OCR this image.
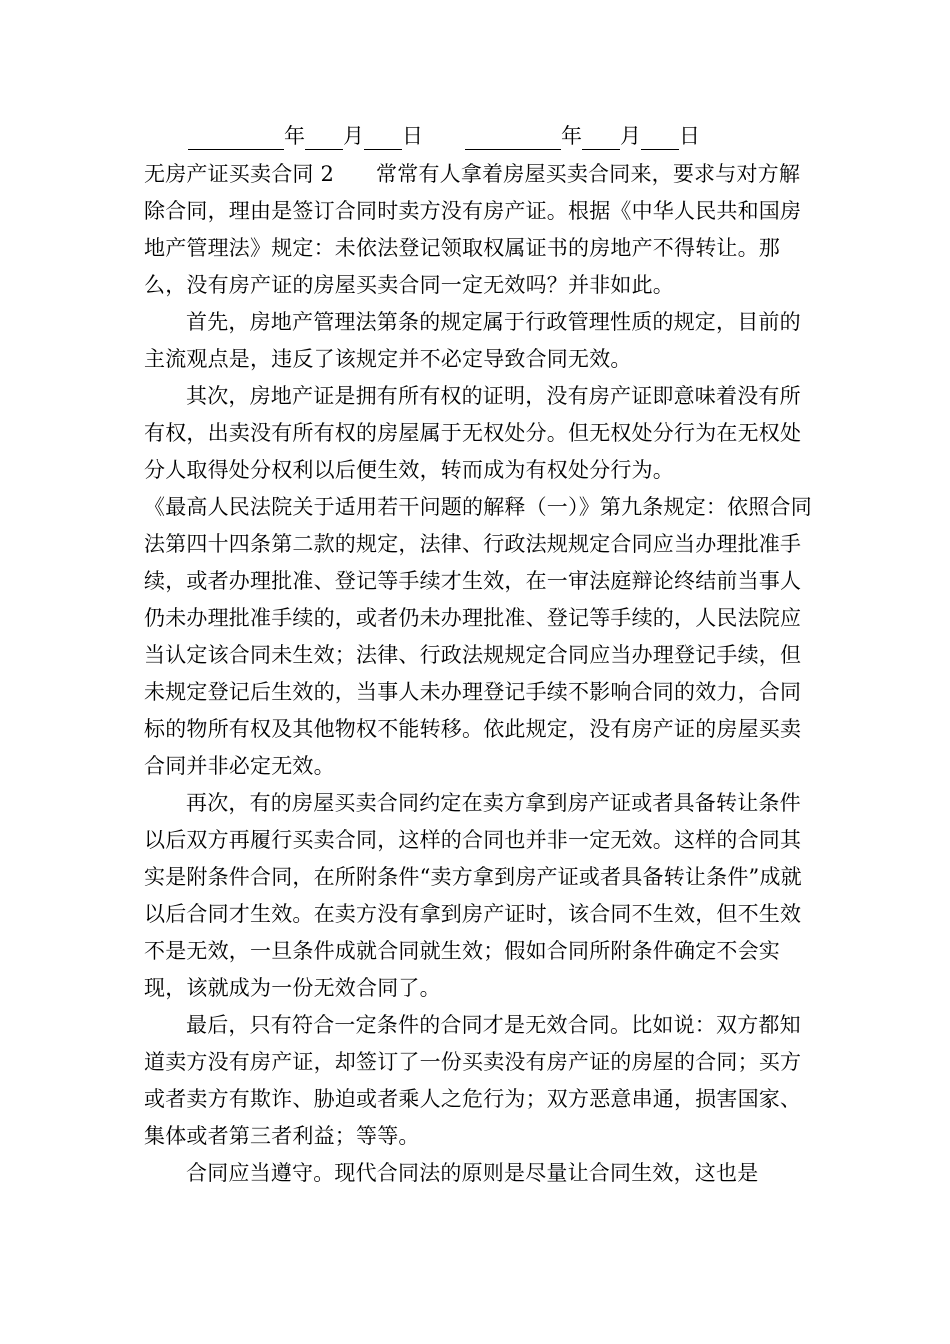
年 月 日	年 月 日

无房产证买卖合同 2 常常有人拿着房屋买卖合同来，要求与对方解除合同，理由是签订合同时卖方没有房产证。根据《中华人民共和国房地产管理法》规定：未依法登记领取权属证书的房地产不得转让。那么，没有房产证的房屋买卖合同一定无效吗？并非如此。

首先，房地产管理法第条的规定属于行政管理性质的规定，目前的主流观点是，违反了该规定并不必定导致合同无效。

其次，房地产证是拥有所有权的证明，没有房产证即意味着没有所有权，出卖没有所有权的房屋属于无权处分。但无权处分行为在无权处分人取得处分权利以后便生效，转而成为有权处分行为。

《最高人民法院关于适用若干问题的解释（一）》第九条规定：依照合同法第四十四条第二款的规定，法律、行政法规规定合同应当办理批准手续，或者办理批准、登记等手续才生效，在一审法庭辩论终结前当事人仍未办理批准手续的，或者仍未办理批准、登记等手续的，人民法院应当认定该合同未生效；法律、行政法规规定合同应当办理登记手续，但未规定登记后生效的，当事人未办理登记手续不影响合同的效力，合同标的物所有权及其他物权不能转移。依此规定，没有房产证的房屋买卖合同并非必定无效。

再次，有的房屋买卖合同约定在卖方拿到房产证或者具备转让条件以后双方再履行买卖合同，这样的合同也并非一定无效。这样的合同其实是附条件合同，在所附条件“卖方拿到房产证或者具备转让条件”成就以后合同才生效。在卖方没有拿到房产证时，该合同不生效，但不生效不是无效，一旦条件成就合同就生效；假如合同所附条件确定不会实现，该就成为一份无效合同了。

最后，只有符合一定条件的合同才是无效合同。比如说：双方都知道卖方没有房产证，却签订了一份买卖没有房产证的房屋的合同；买方或者卖方有欺诈、胁迫或者乘人之危行为；双方恶意串通，损害国家、集体或者第三者利益；等等。

合同应当遵守。现代合同法的原则是尽量让合同生效，这也是
